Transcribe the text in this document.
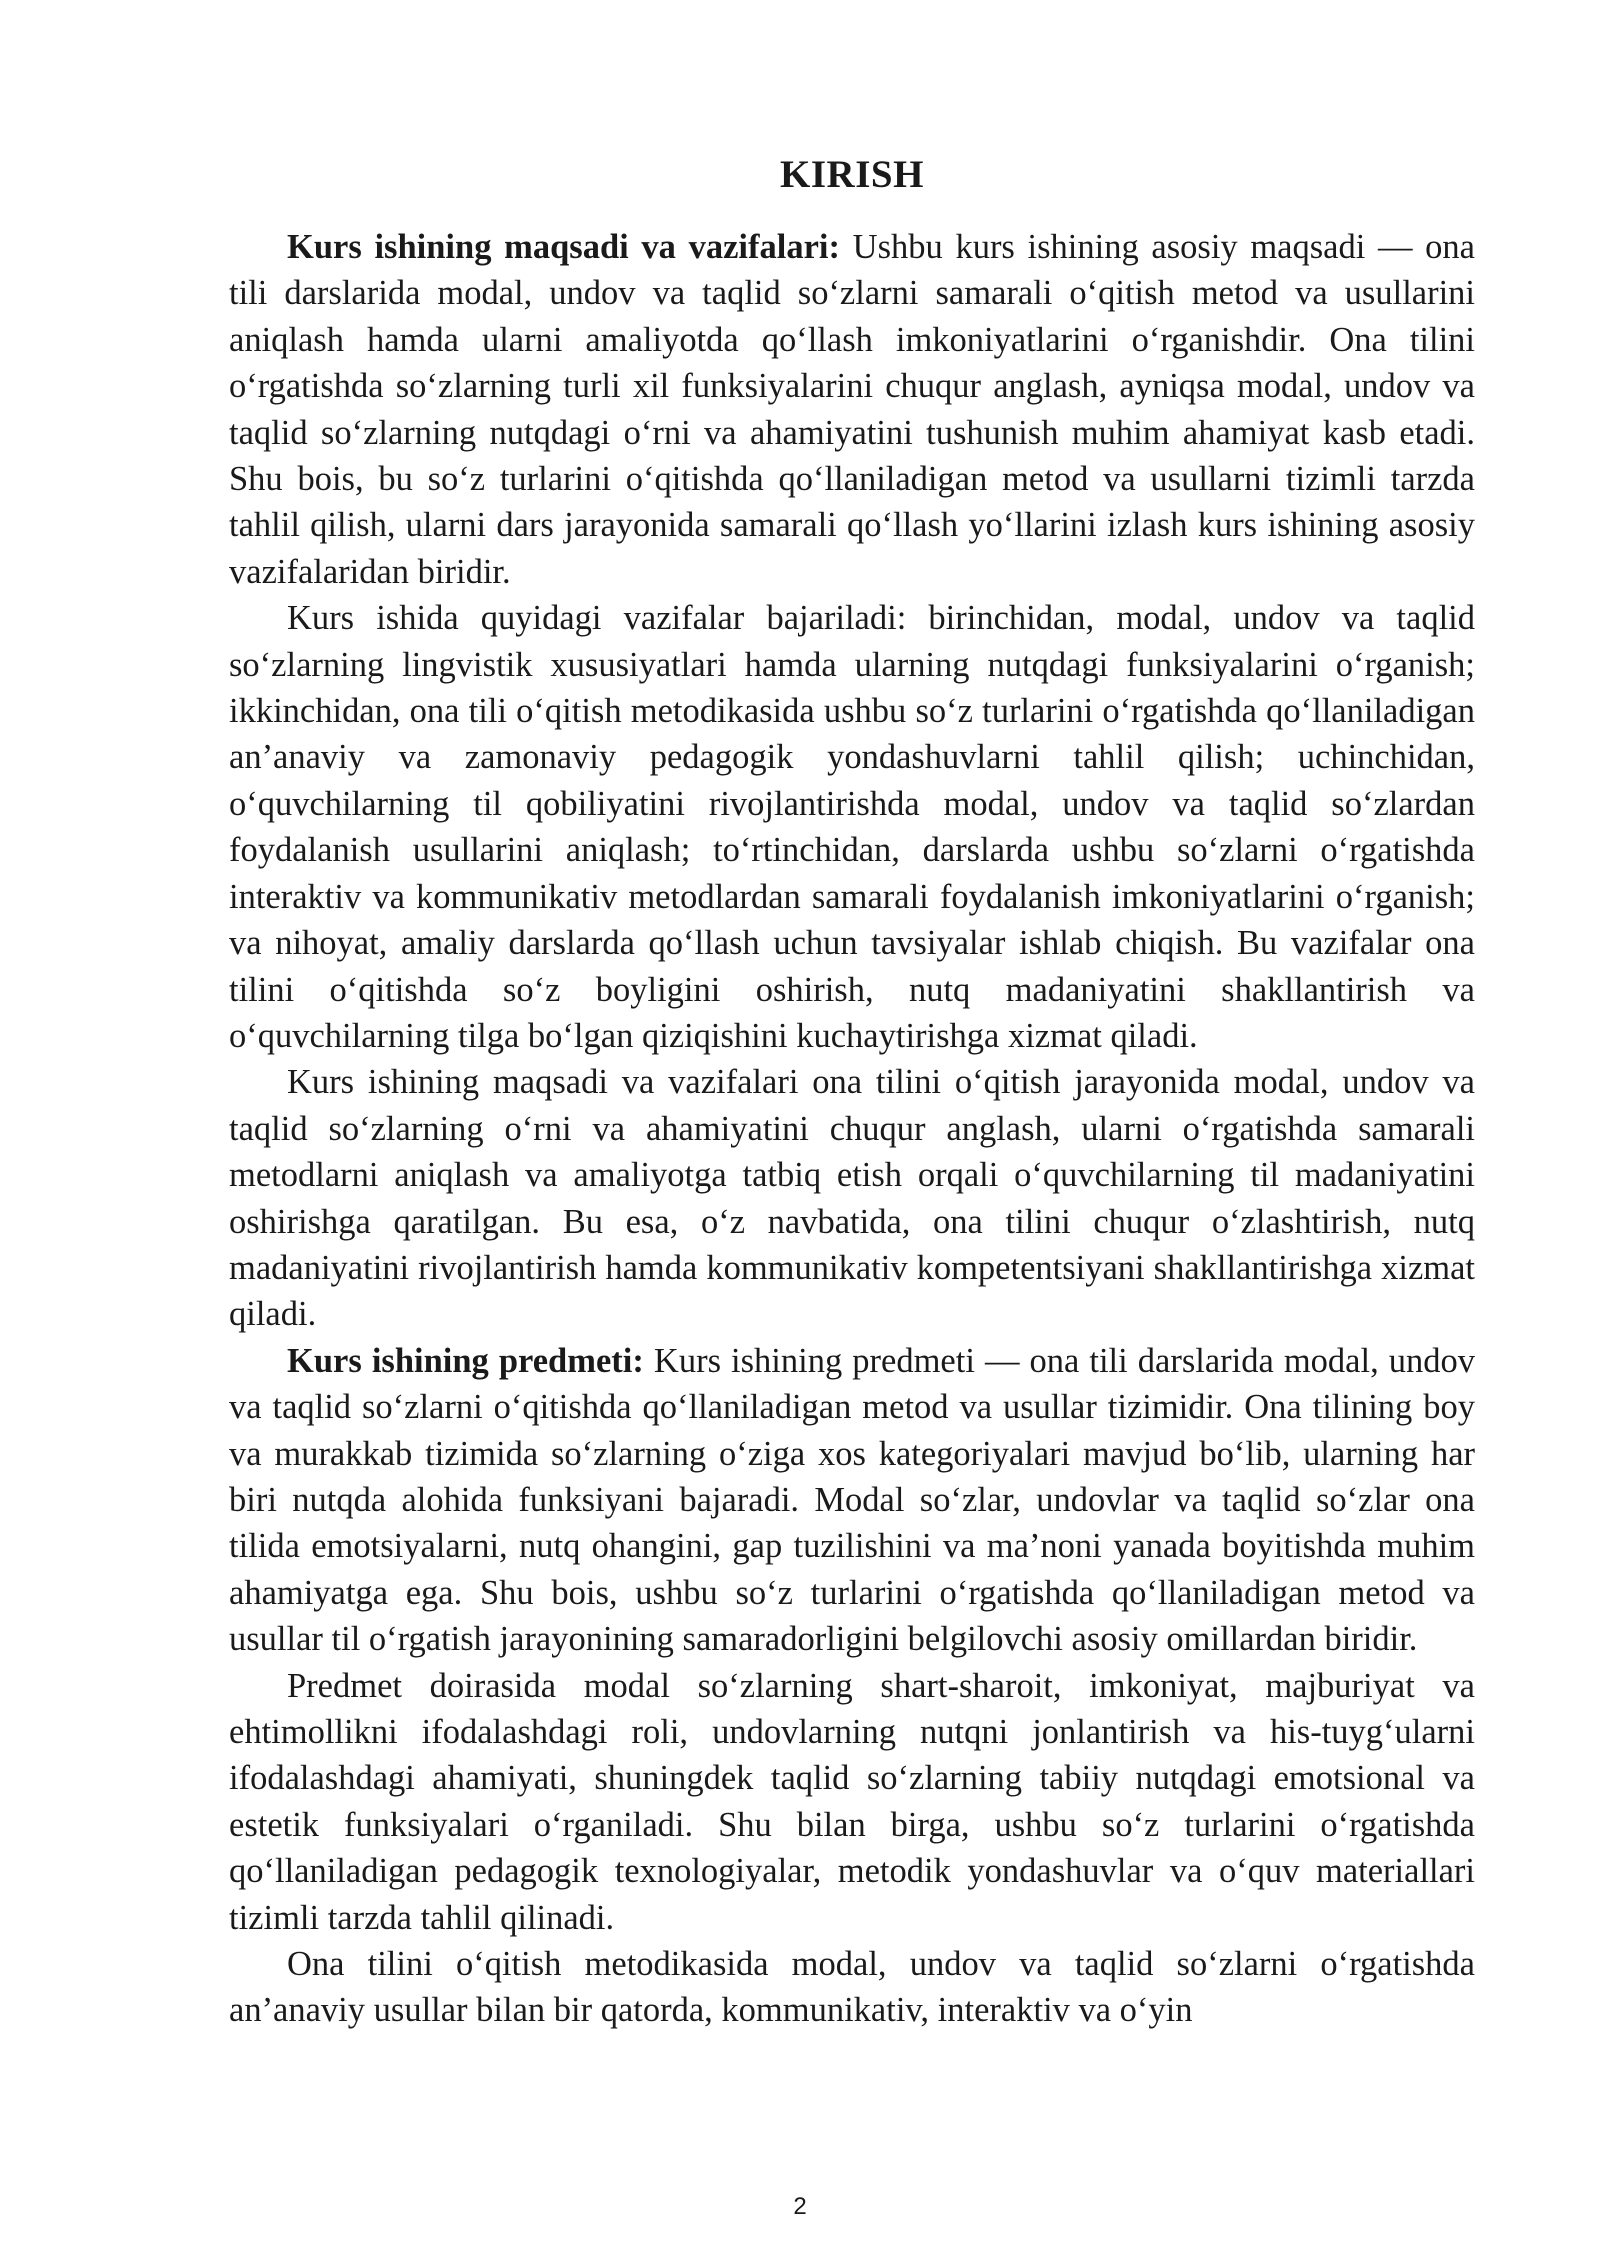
KIRISH

Kurs ishining maqsadi va vazifalari: Ushbu kurs ishining asosiy maqsadi — ona tili darslarida modal, undov va taqlid so‘zlarni samarali o‘qitish metod va usullarini aniqlash hamda ularni amaliyotda qo‘llash imkoniyatlarini o‘rganishdir. Ona tilini o‘rgatishda so‘zlarning turli xil funksiyalarini chuqur anglash, ayniqsa modal, undov va taqlid so‘zlarning nutqdagi o‘rni va ahamiyatini tushunish muhim ahamiyat kasb etadi. Shu bois, bu so‘z turlarini o‘qitishda qo‘llaniladigan metod va usullarni tizimli tarzda tahlil qilish, ularni dars jarayonida samarali qo‘llash yo‘llarini izlash kurs ishining asosiy vazifalaridan biridir.

Kurs ishida quyidagi vazifalar bajariladi: birinchidan, modal, undov va taqlid so‘zlarning lingvistik xususiyatlari hamda ularning nutqdagi funksiyalarini o‘rganish; ikkinchidan, ona tili o‘qitish metodikasida ushbu so‘z turlarini o‘rgatishda qo‘llaniladigan an’anaviy va zamonaviy pedagogik yondashuvlarni tahlil qilish; uchinchidan, o‘quvchilarning til qobiliyatini rivojlantirishda modal, undov va taqlid so‘zlardan foydalanish usullarini aniqlash; to‘rtinchidan, darslarda ushbu so‘zlarni o‘rgatishda interaktiv va kommunikativ metodlardan samarali foydalanish imkoniyatlarini o‘rganish; va nihoyat, amaliy darslarda qo‘llash uchun tavsiyalar ishlab chiqish. Bu vazifalar ona tilini o‘qitishda so‘z boyligini oshirish, nutq madaniyatini shakllantirish va o‘quvchilarning tilga bo‘lgan qiziqishini kuchaytirishga xizmat qiladi.

Kurs ishining maqsadi va vazifalari ona tilini o‘qitish jarayonida modal, undov va taqlid so‘zlarning o‘rni va ahamiyatini chuqur anglash, ularni o‘rgatishda samarali metodlarni aniqlash va amaliyotga tatbiq etish orqali o‘quvchilarning til madaniyatini oshirishga qaratilgan. Bu esa, o‘z navbatida, ona tilini chuqur o‘zlashtirish, nutq madaniyatini rivojlantirish hamda kommunikativ kompetentsiyani shakllantirishga xizmat qiladi.

Kurs ishining predmeti: Kurs ishining predmeti — ona tili darslarida modal, undov va taqlid so‘zlarni o‘qitishda qo‘llaniladigan metod va usullar tizimidir. Ona tilining boy va murakkab tizimida so‘zlarning o‘ziga xos kategoriyalari mavjud bo‘lib, ularning har biri nutqda alohida funksiyani bajaradi. Modal so‘zlar, undovlar va taqlid so‘zlar ona tilida emotsiyalarni, nutq ohangini, gap tuzilishini va ma’noni yanada boyitishda muhim ahamiyatga ega. Shu bois, ushbu so‘z turlarini o‘rgatishda qo‘llaniladigan metod va usullar til o‘rgatish jarayonining samaradorligini belgilovchi asosiy omillardan biridir.

Predmet doirasida modal so‘zlarning shart-sharoit, imkoniyat, majburiyat va ehtimollikni ifodalashdagi roli, undovlarning nutqni jonlantirish va his-tuyg‘ularni ifodalashdagi ahamiyati, shuningdek taqlid so‘zlarning tabiiy nutqdagi emotsional va estetik funksiyalari o‘rganiladi. Shu bilan birga, ushbu so‘z turlarini o‘rgatishda qo‘llaniladigan pedagogik texnologiyalar, metodik yondashuvlar va o‘quv materiallari tizimli tarzda tahlil qilinadi.

Ona tilini o‘qitish metodikasida modal, undov va taqlid so‘zlarni o‘rgatishda an’anaviy usullar bilan bir qatorda, kommunikativ, interaktiv va o‘yin

2
